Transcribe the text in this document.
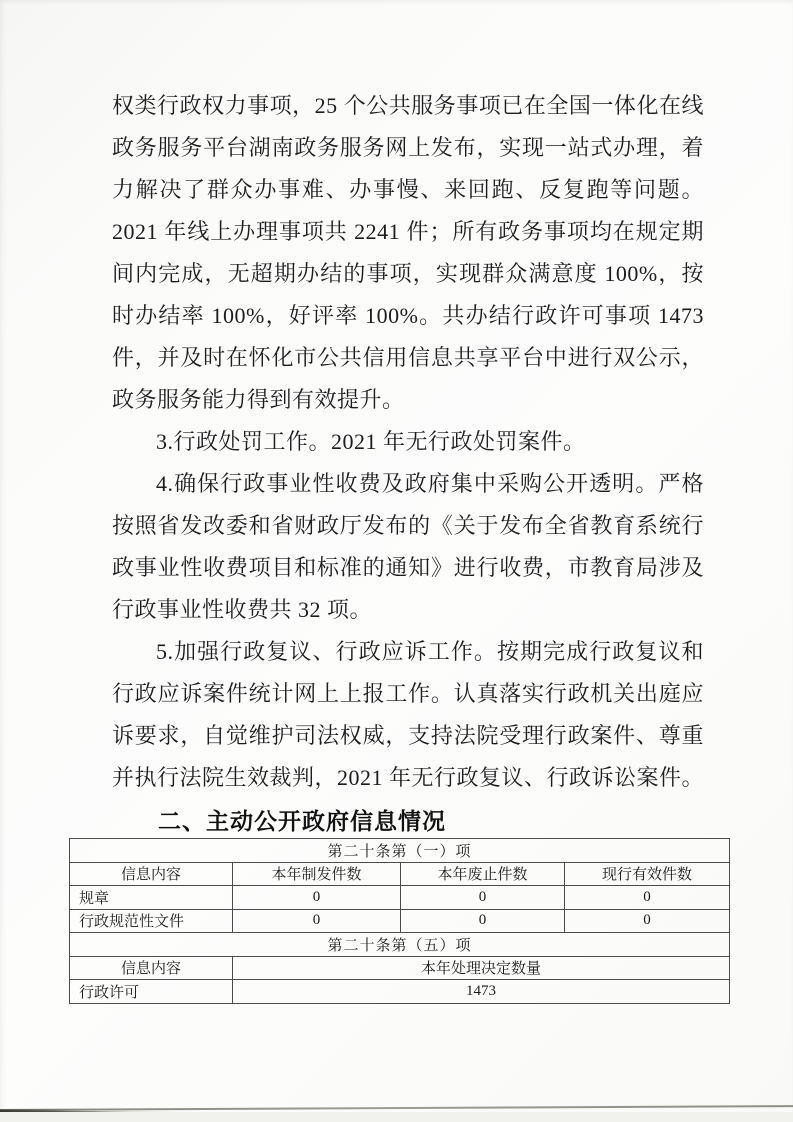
权类行政权力事项，25 个公共服务事项已在全国一体化在线政务服务平台湖南政务服务网上发布，实现一站式办理，着力解决了群众办事难、办事慢、来回跑、反复跑等问题。2021 年线上办理事项共 2241 件；所有政务事项均在规定期间内完成，无超期办结的事项，实现群众满意度 100%，按时办结率 100%，好评率 100%。共办结行政许可事项 1473 件，并及时在怀化市公共信用信息共享平台中进行双公示，政务服务能力得到有效提升。

3.行政处罚工作。2021 年无行政处罚案件。

4.确保行政事业性收费及政府集中采购公开透明。严格按照省发改委和省财政厅发布的《关于发布全省教育系统行政事业性收费项目和标准的通知》进行收费，市教育局涉及行政事业性收费共 32 项。

5.加强行政复议、行政应诉工作。按期完成行政复议和行政应诉案件统计网上上报工作。认真落实行政机关出庭应诉要求，自觉维护司法权威，支持法院受理行政案件、尊重并执行法院生效裁判，2021 年无行政复议、行政诉讼案件。

二、主动公开政府信息情况
第二十条第（一）项			
信息内容	本年制发件数	本年废止件数	现行有效件数
规章	0	0	0
行政规范性文件	0	0	0
第二十条第（五）项			
信息内容	本年处理决定数量		
行政许可	1473		
